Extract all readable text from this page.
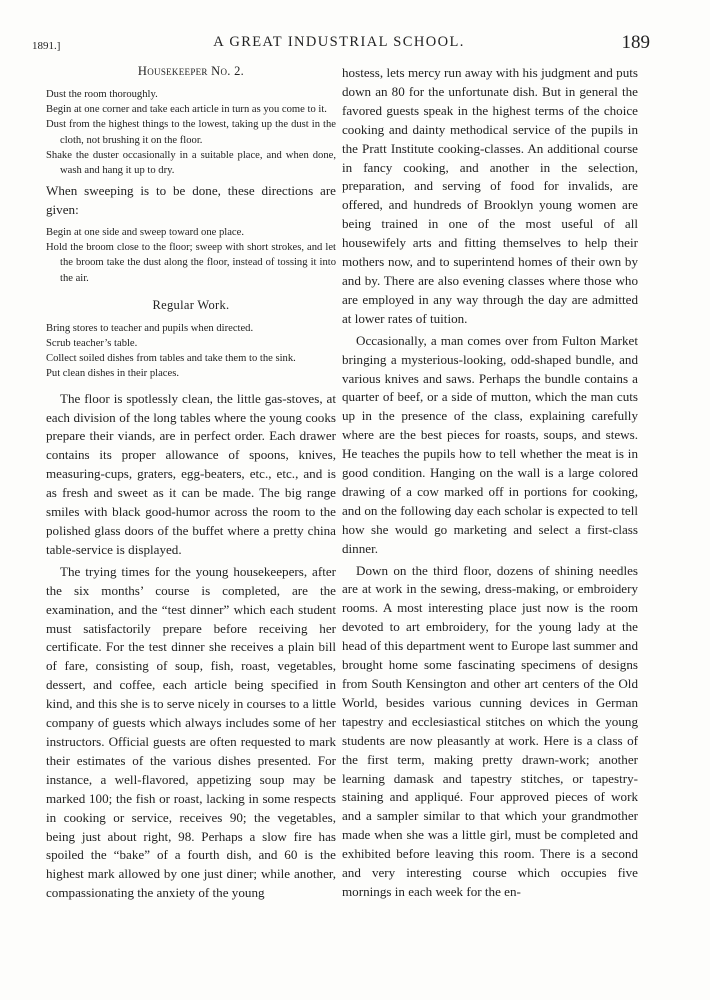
1891.]	A GREAT INDUSTRIAL SCHOOL.	189
Housekeeper No. 2.
Dust the room thoroughly.
Begin at one corner and take each article in turn as you come to it.
Dust from the highest things to the lowest, taking up the dust in the cloth, not brushing it on the floor.
Shake the duster occasionally in a suitable place, and when done, wash and hang it up to dry.

When sweeping is to be done, these directions are given:

Begin at one side and sweep toward one place.
Hold the broom close to the floor; sweep with short strokes, and let the broom take the dust along the floor, instead of tossing it into the air.
Regular Work.
Bring stores to teacher and pupils when directed.
Scrub teacher’s table.
Collect soiled dishes from tables and take them to the sink.
Put clean dishes in their places.

The floor is spotlessly clean, the little gas-stoves, at each division of the long tables where the young cooks prepare their viands, are in perfect order. Each drawer contains its proper allowance of spoons, knives, measuring-cups, graters, egg-beaters, etc., etc., and is as fresh and sweet as it can be made. The big range smiles with black good-humor across the room to the polished glass doors of the buffet where a pretty china table-service is displayed.

The trying times for the young housekeepers, after the six months’ course is completed, are the examination, and the “test dinner” which each student must satisfactorily prepare before receiving her certificate. For the test dinner she receives a plain bill of fare, consisting of soup, fish, roast, vegetables, dessert, and coffee, each article being specified in kind, and this she is to serve nicely in courses to a little company of guests which always includes some of her instructors. Official guests are often requested to mark their estimates of the various dishes presented. For instance, a well-flavored, appetizing soup may be marked 100; the fish or roast, lacking in some respects in cooking or service, receives 90; the vegetables, being just about right, 98. Perhaps a slow fire has spoiled the “bake” of a fourth dish, and 60 is the highest mark allowed by one just diner; while another, compassionating the anxiety of the young

hostess, lets mercy run away with his judgment and puts down an 80 for the unfortunate dish. But in general the favored guests speak in the highest terms of the choice cooking and dainty methodical service of the pupils in the Pratt Institute cooking-classes. An additional course in fancy cooking, and another in the selection, preparation, and serving of food for invalids, are offered, and hundreds of Brooklyn young women are being trained in one of the most useful of all housewifely arts and fitting themselves to help their mothers now, and to superintend homes of their own by and by. There are also evening classes where those who are employed in any way through the day are admitted at lower rates of tuition.

Occasionally, a man comes over from Fulton Market bringing a mysterious-looking, odd-shaped bundle, and various knives and saws. Perhaps the bundle contains a quarter of beef, or a side of mutton, which the man cuts up in the presence of the class, explaining carefully where are the best pieces for roasts, soups, and stews. He teaches the pupils how to tell whether the meat is in good condition. Hanging on the wall is a large colored drawing of a cow marked off in portions for cooking, and on the following day each scholar is expected to tell how she would go marketing and select a first-class dinner.

Down on the third floor, dozens of shining needles are at work in the sewing, dress-making, or embroidery rooms. A most interesting place just now is the room devoted to art embroidery, for the young lady at the head of this department went to Europe last summer and brought home some fascinating specimens of designs from South Kensington and other art centers of the Old World, besides various cunning devices in German tapestry and ecclesiastical stitches on which the young students are now pleasantly at work. Here is a class of the first term, making pretty drawn-work; another learning damask and tapestry stitches, or tapestry-staining and appliqué. Four approved pieces of work and a sampler similar to that which your grandmother made when she was a little girl, must be completed and exhibited before leaving this room. There is a second and very interesting course which occupies five mornings in each week for the en-
